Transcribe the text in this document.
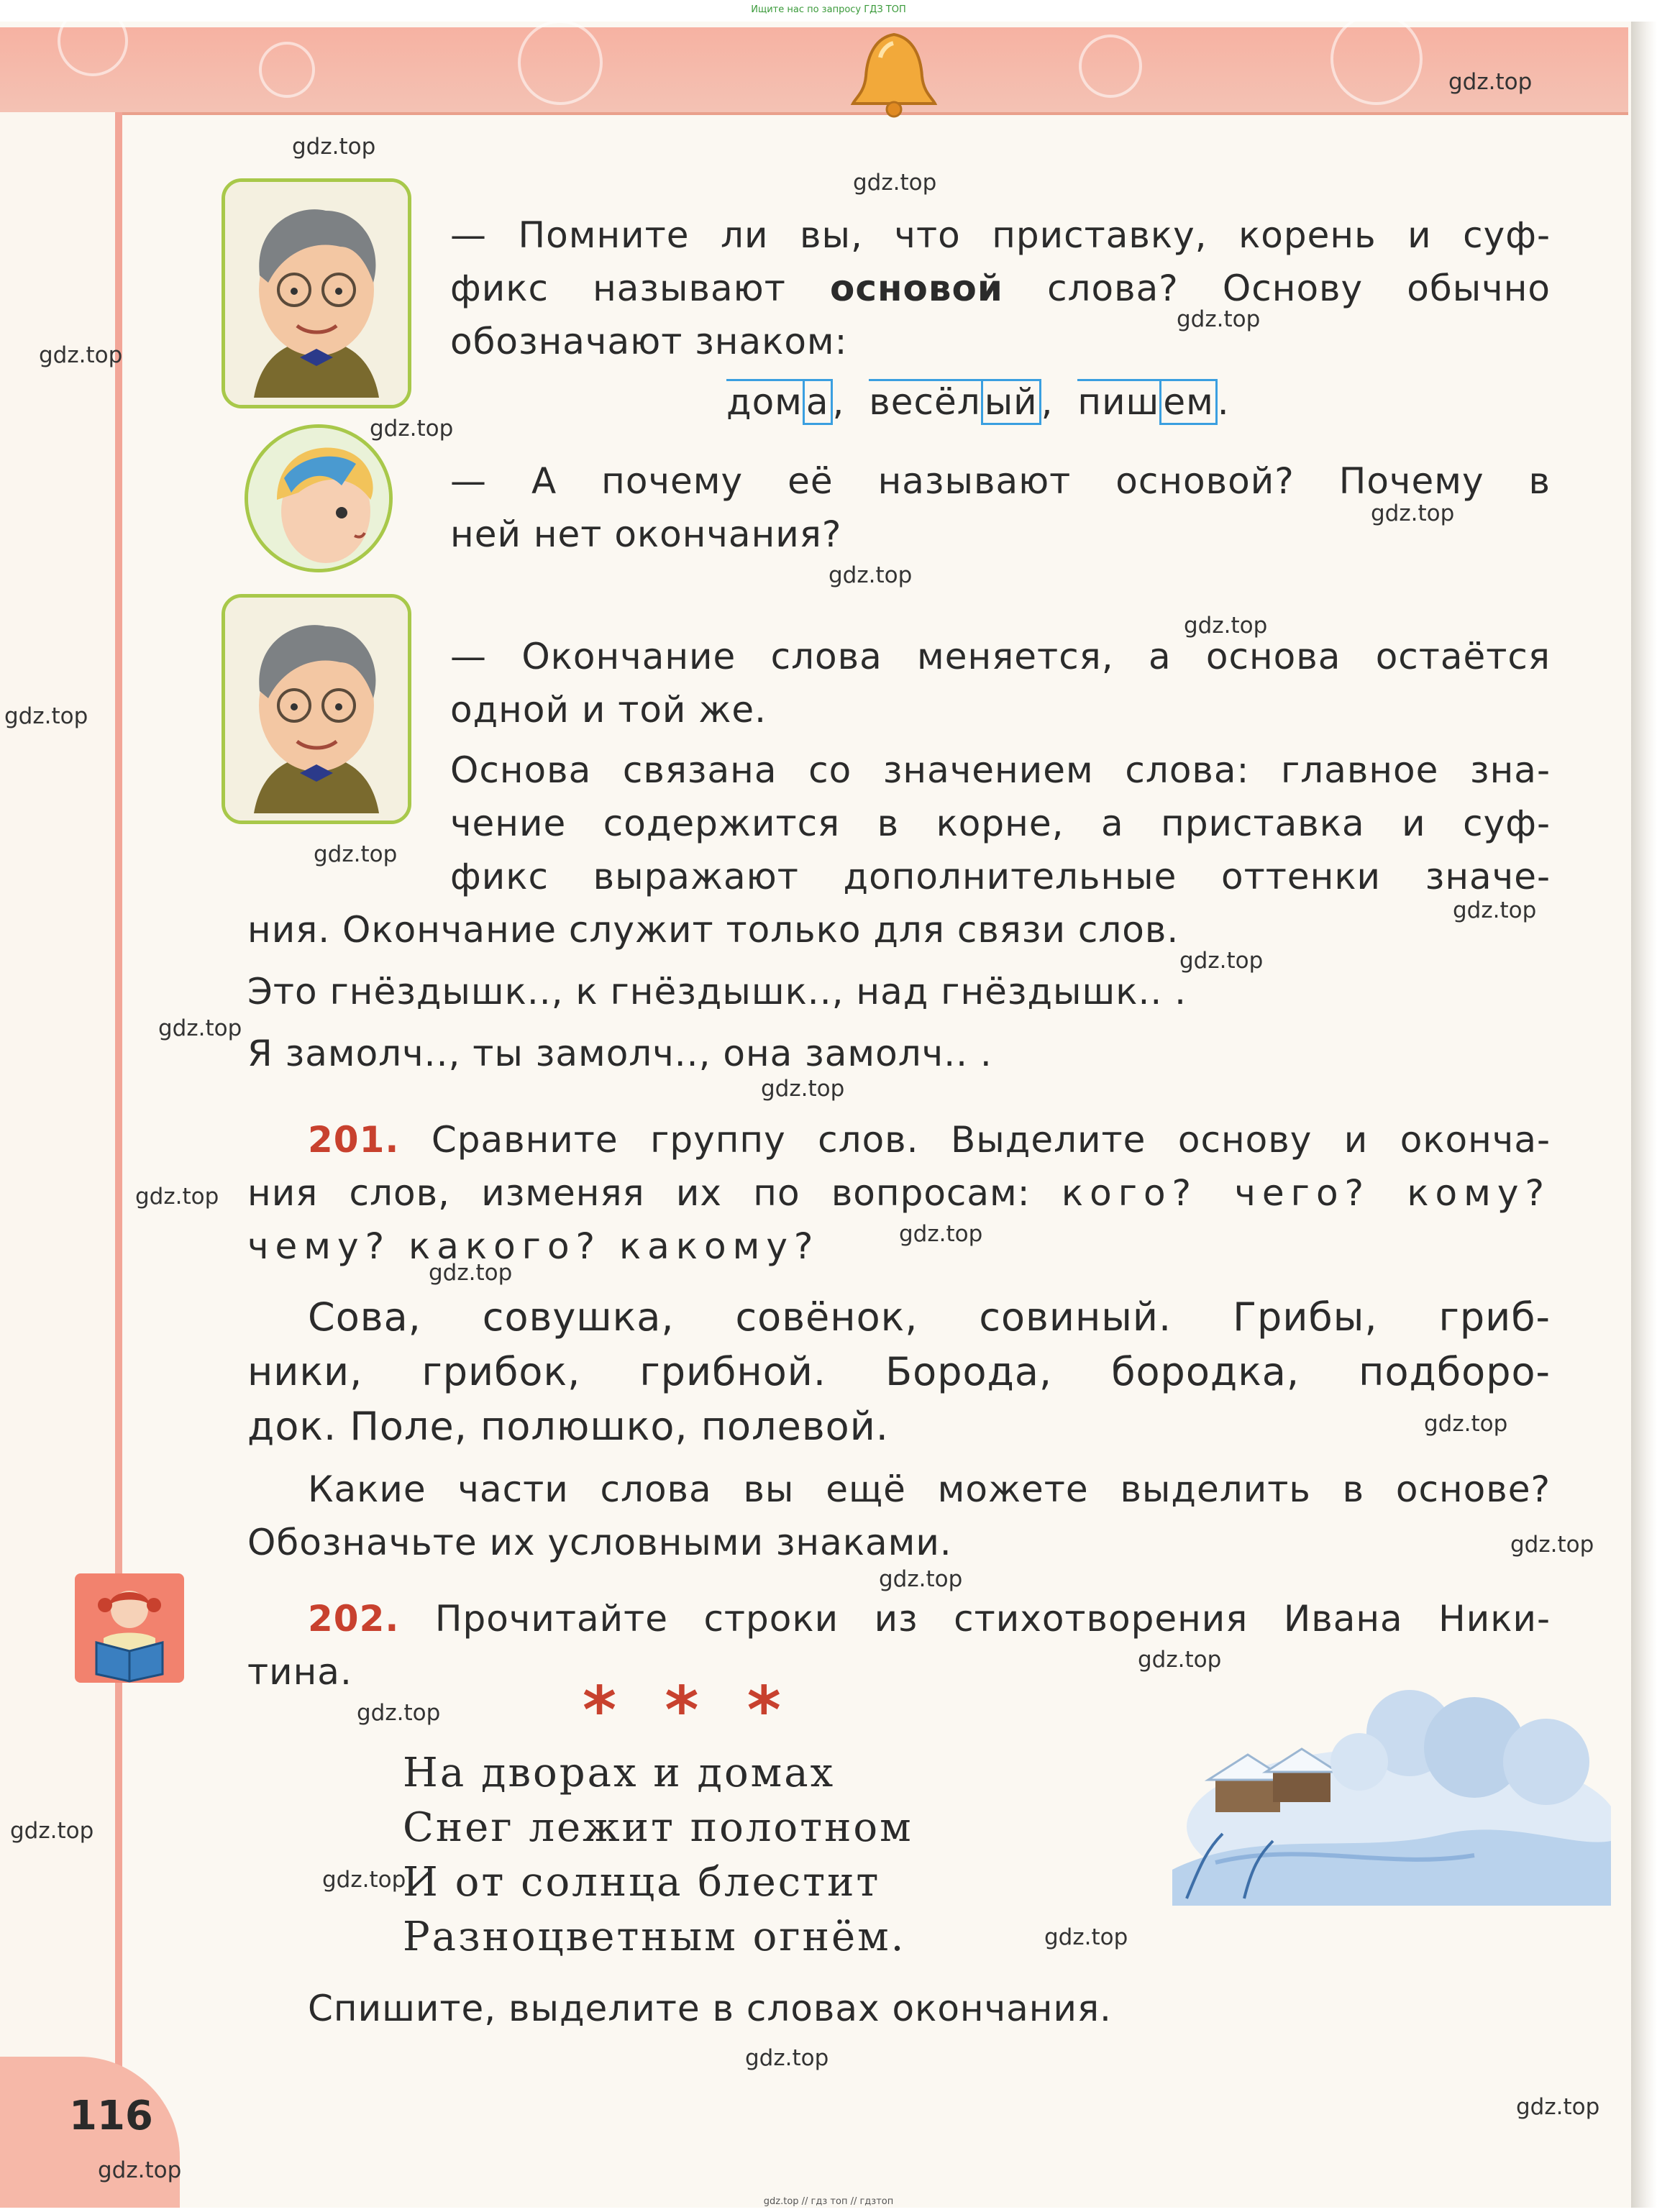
Ищите нас по запросу ГДЗ ТОП
gdz.top // гдз топ // гдзтоп
116
— Помните ли вы, что приставку, корень и суф-
фикс называют основой слова? Основу обычно
обозначают знаком:
дом а , весёл ый , пиш ем .
— А почему её называют основой? Почему в
ней нет окончания?
— Окончание слова меняется, а основа остаётся
одной и той же.
Основа связана со значением слова: главное зна-
чение содержится в корне, а приставка и суф-
фикс выражают дополнительные оттенки значе-
ния. Окончание служит только для связи слов.
Это гнёздышк.., к гнёздышк.., над гнёздышк.. .
Я замолч.., ты замолч.., она замолч.. .
201. Сравните группу слов. Выделите основу и оконча-
ния слов, изменяя их по вопросам: кого? чего? кому?
чему? какого? какому?
Сова, совушка, совёнок, совиный. Грибы, гриб-
ники, грибок, грибной. Борода, бородка, подборо-
док. Поле, полюшко, полевой.
Какие части слова вы ещё можете выделить в основе?
Обозначьте их условными знаками.
202. Прочитайте строки из стихотворения Ивана Ники-
тина.
* * *
На дворах и домах
Снег лежит полотном
И от солнца блестит
Разноцветным огнём.
Спишите, выделите в словах окончания.
gdz.top
gdz.top
gdz.top
gdz.top
gdz.top
gdz.top
gdz.top
gdz.top
gdz.top
gdz.top
gdz.top
gdz.top
gdz.top
gdz.top
gdz.top
gdz.top
gdz.top
gdz.top
gdz.top
gdz.top
gdz.top
gdz.top
gdz.top
gdz.top
gdz.top
gdz.top
gdz.top
gdz.top
gdz.top
